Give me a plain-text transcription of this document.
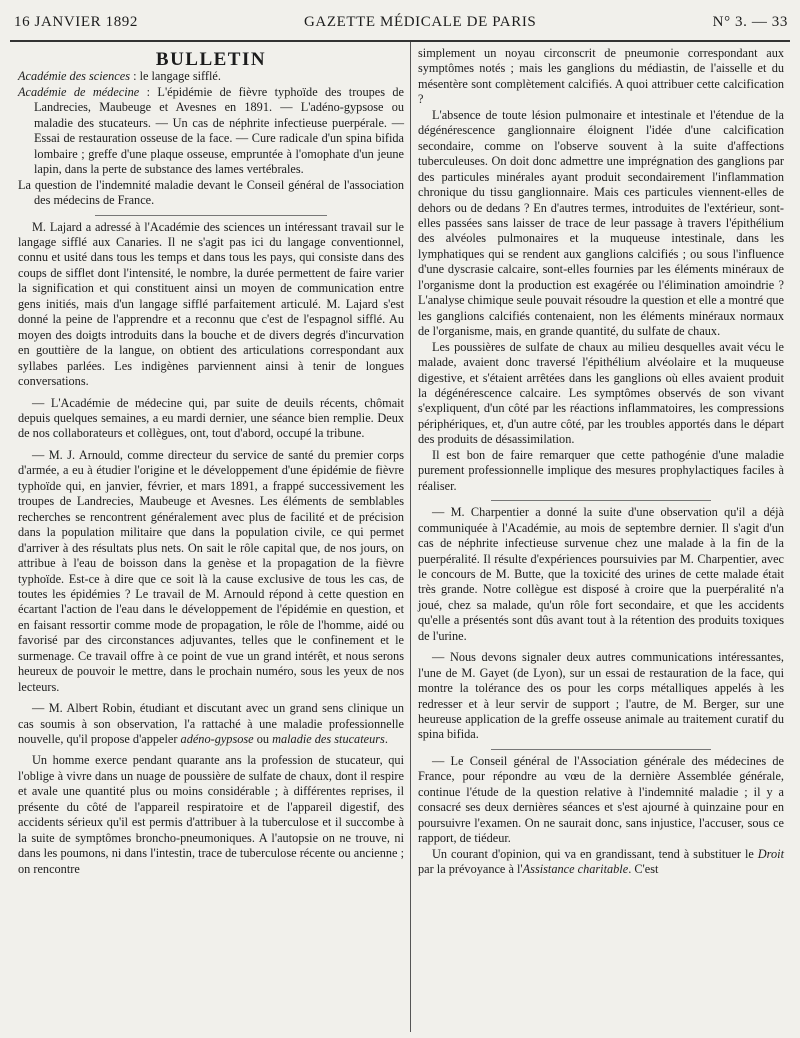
16 JANVIER 1892	GAZETTE MÉDICALE DE PARIS	N° 3. — 33
BULLETIN

Académie des sciences : le langage sifflé.

Académie de médecine : L'épidémie de fièvre typhoïde des troupes de Landrecies, Maubeuge et Avesnes en 1891. — L'adéno-gypsose ou maladie des stucateurs. — Un cas de néphrite infectieuse puerpérale. — Essai de restauration osseuse de la face. — Cure radicale d'un spina bifida lombaire ; greffe d'une plaque osseuse, empruntée à l'omophate d'un jeune lapin, dans la perte de substance des lames vertébrales.

La question de l'indemnité maladie devant le Conseil général de l'association des médecins de France.

M. Lajard a adressé à l'Académie des sciences un intéressant travail sur le langage sifflé aux Canaries. Il ne s'agit pas ici du langage conventionnel, connu et usité dans tous les temps et dans tous les pays, qui consiste dans des coups de sifflet dont l'intensité, le nombre, la durée permettent de faire varier la signification et qui constituent ainsi un moyen de communication entre gens initiés, mais d'un langage sifflé parfaitement articulé. M. Lajard s'est donné la peine de l'apprendre et a reconnu que c'est de l'espagnol sifflé. Au moyen des doigts introduits dans la bouche et de divers degrés d'incurvation en gouttière de la langue, on obtient des articulations correspondant aux syllabes parlées. Les indigènes parviennent ainsi à tenir de longues conversations.

— L'Académie de médecine qui, par suite de deuils récents, chômait depuis quelques semaines, a eu mardi dernier, une séance bien remplie. Deux de nos collaborateurs et collègues, ont, tout d'abord, occupé la tribune.

— M. J. Arnould, comme directeur du service de santé du premier corps d'armée, a eu à étudier l'origine et le développement d'une épidémie de fièvre typhoïde qui, en janvier, février, et mars 1891, a frappé successivement les troupes de Landrecies, Maubeuge et Avesnes. Les éléments de semblables recherches se rencontrent généralement avec plus de facilité et de précision dans la population militaire que dans la population civile, ce qui permet d'arriver à des résultats plus nets. On sait le rôle capital que, de nos jours, on attribue à l'eau de boisson dans la genèse et la propagation de la fièvre typhoïde. Est-ce à dire que ce soit là la cause exclusive de tous les cas, de toutes les épidémies ? Le travail de M. Arnould répond à cette question en écartant l'action de l'eau dans le développement de l'épidémie en question, et en faisant ressortir comme mode de propagation, le rôle de l'homme, aidé ou favorisé par des circonstances adjuvantes, telles que le confinement et le surmenage. Ce travail offre à ce point de vue un grand intérêt, et nous serons heureux de pouvoir le mettre, dans le prochain numéro, sous les yeux de nos lecteurs.

— M. Albert Robin, étudiant et discutant avec un grand sens clinique un cas soumis à son observation, l'a rattaché à une maladie professionnelle nouvelle, qu'il propose d'appeler adéno-gypsose ou maladie des stucateurs.

Un homme exerce pendant quarante ans la profession de stucateur, qui l'oblige à vivre dans un nuage de poussière de sulfate de chaux, dont il respire et avale une quantité plus ou moins considérable ; à différentes reprises, il présente du côté de l'appareil respiratoire et de l'appareil digestif, des accidents sérieux qu'il est permis d'attribuer à la tuberculose et il succombe à la suite de symptômes broncho-pneumoniques. A l'autopsie on ne trouve, ni dans les poumons, ni dans l'intestin, trace de tuberculose récente ou ancienne ; on rencontre

simplement un noyau circonscrit de pneumonie correspondant aux symptômes notés ; mais les ganglions du médiastin, de l'aisselle et du mésentère sont complètement calcifiés. A quoi attribuer cette calcification ?

L'absence de toute lésion pulmonaire et intestinale et l'étendue de la dégénérescence ganglionnaire éloignent l'idée d'une calcification secondaire, comme on l'observe souvent à la suite d'affections tuberculeuses. On doit donc admettre une imprégnation des ganglions par des particules minérales ayant produit secondairement l'inflammation chronique du tissu ganglionnaire. Mais ces particules viennent-elles de dehors ou de dedans ? En d'autres termes, introduites de l'extérieur, sont-elles passées sans laisser de trace de leur passage à travers l'épithélium des alvéoles pulmonaires et la muqueuse intestinale, dans les lymphatiques qui se rendent aux ganglions calcifiés ; ou sous l'influence d'une dyscrasie calcaire, sont-elles fournies par les éléments minéraux de l'organisme dont la production est exagérée ou l'élimination amoindrie ? L'analyse chimique seule pouvait résoudre la question et elle a montré que les ganglions calcifiés contenaient, non les éléments minéraux normaux de l'organisme, mais, en grande quantité, du sulfate de chaux.

Les poussières de sulfate de chaux au milieu desquelles avait vécu le malade, avaient donc traversé l'épithélium alvéolaire et la muqueuse digestive, et s'étaient arrêtées dans les ganglions où elles avaient produit la dégénérescence calcaire. Les symptômes observés de son vivant s'expliquent, d'un côté par les réactions inflammatoires, les compressions périphériques, et, d'un autre côté, par les troubles apportés dans le départ des produits de désassimilation.

Il est bon de faire remarquer que cette pathogénie d'une maladie purement professionnelle implique des mesures prophylactiques faciles à réaliser.

— M. Charpentier a donné la suite d'une observation qu'il a déjà communiquée à l'Académie, au mois de septembre dernier. Il s'agit d'un cas de néphrite infectieuse survenue chez une malade à la fin de la puerpéralité. Il résulte d'expériences poursuivies par M. Charpentier, avec le concours de M. Butte, que la toxicité des urines de cette malade était très grande. Notre collègue est disposé à croire que la puerpéralité n'a joué, chez sa malade, qu'un rôle fort secondaire, et que les accidents qu'elle a présentés sont dûs avant tout à la rétention des produits toxiques de l'urine.

— Nous devons signaler deux autres communications intéressantes, l'une de M. Gayet (de Lyon), sur un essai de restauration de la face, qui montre la tolérance des os pour les corps métalliques appelés à les redresser et à leur servir de support ; l'autre, de M. Berger, sur une heureuse application de la greffe osseuse animale au traitement curatif du spina bifida.

— Le Conseil général de l'Association générale des médecines de France, pour répondre au vœu de la dernière Assemblée générale, continue l'étude de la question relative à l'indemnité maladie ; il y a consacré ses deux dernières séances et s'est ajourné à quinzaine pour en poursuivre l'examen. On ne saurait donc, sans injustice, l'accuser, sous ce rapport, de tiédeur.

Un courant d'opinion, qui va en grandissant, tend à substituer le Droit par la prévoyance à l'Assistance charitable. C'est
